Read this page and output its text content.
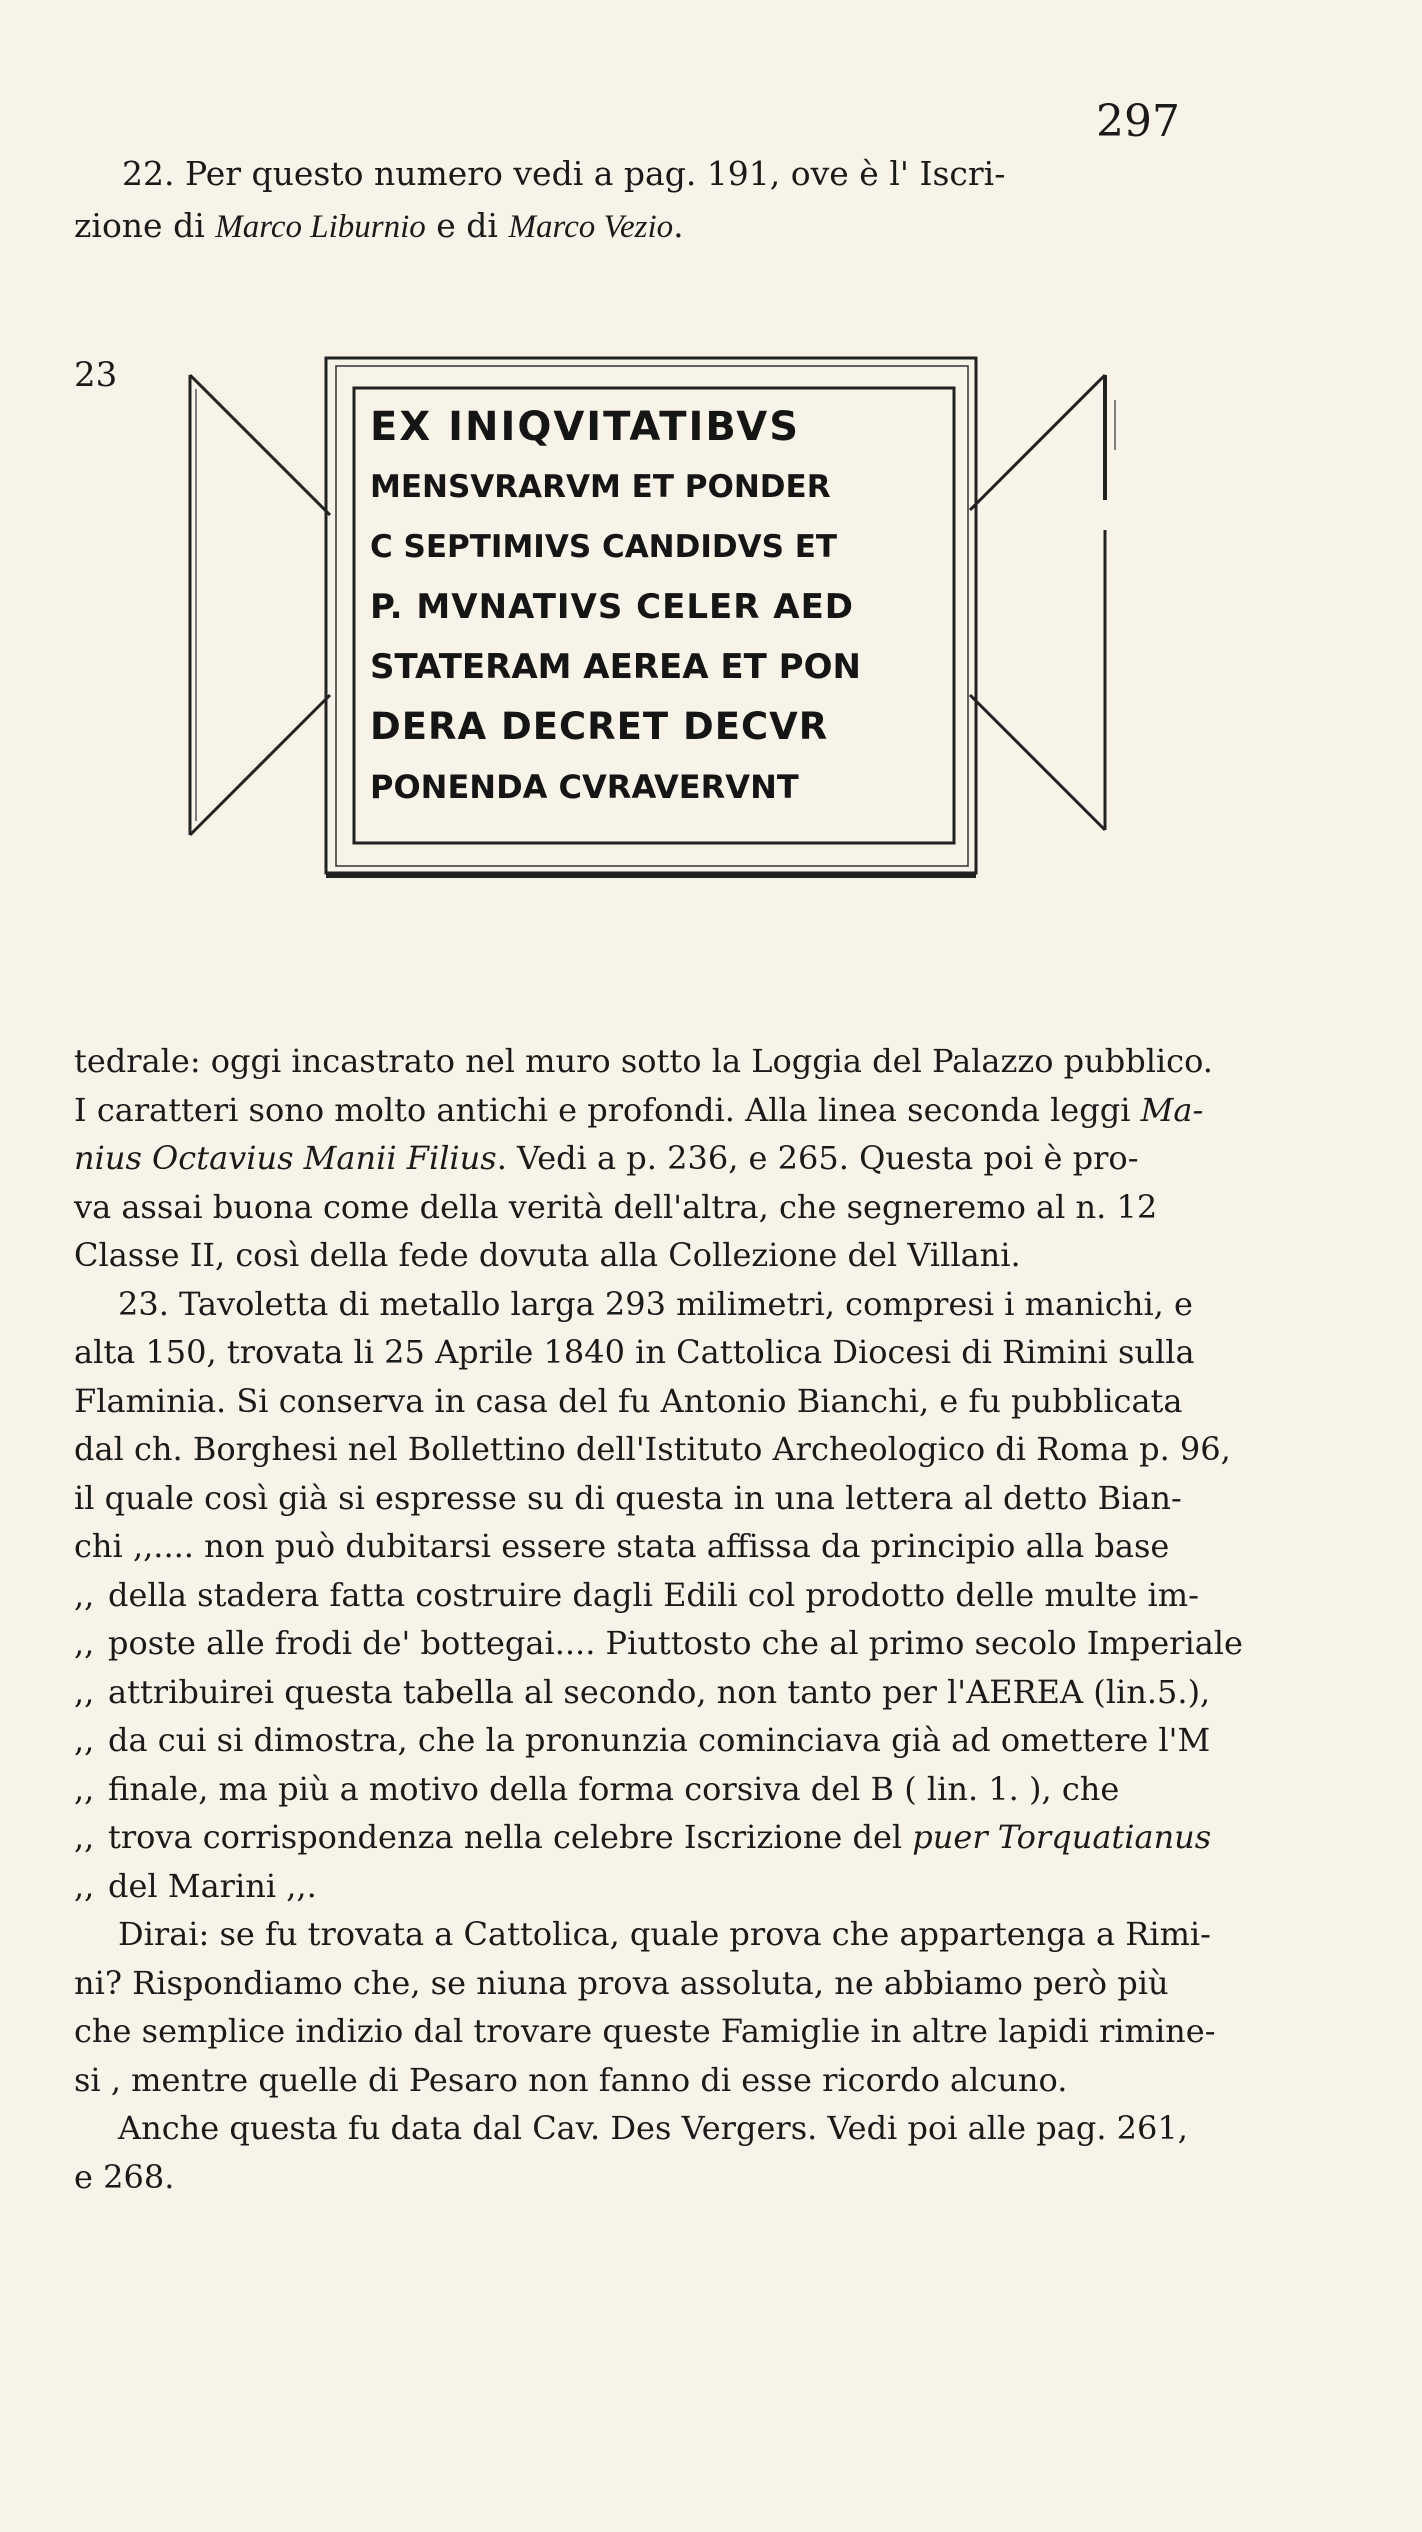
297
22. Per questo numero vedi a pag. 191, ove è l' Iscri-
zione di Marco Liburnio e di Marco Vezio.
23
EX INIQVITATIBVS
MENSVRARVM ET PONDER
C SEPTIMIVS CANDIDVS ET
P. MVNATIVS CELER AED
STATERAM AEREA ET PON
DERA DECRET DECVR
PONENDA CVRAVERVNT
tedrale: oggi incastrato nel muro sotto la Loggia del Palazzo pubblico.
I caratteri sono molto antichi e profondi. Alla linea seconda leggi Ma-
nius Octavius Manii Filius. Vedi a p. 236, e 265. Questa poi è pro-
va assai buona come della verità dell'altra, che segneremo al n. 12
Classe II, così della fede dovuta alla Collezione del Villani.
23. Tavoletta di metallo larga 293 milimetri, compresi i manichi, e
alta 150, trovata li 25 Aprile 1840 in Cattolica Diocesi di Rimini sulla
Flaminia. Si conserva in casa del fu Antonio Bianchi, e fu pubblicata
dal ch. Borghesi nel Bollettino dell'Istituto Archeologico di Roma p. 96,
il quale così già si espresse su di questa in una lettera al detto Bian-
chi ,,.... non può dubitarsi essere stata affissa da principio alla base
,, della stadera fatta costruire dagli Edili col prodotto delle multe im-
,, poste alle frodi de' bottegai.... Piuttosto che al primo secolo Imperiale
,, attribuirei questa tabella al secondo, non tanto per l'AEREA (lin.5.),
,, da cui si dimostra, che la pronunzia cominciava già ad omettere l'M
,, finale, ma più a motivo della forma corsiva del B ( lin. 1. ), che
,, trova corrispondenza nella celebre Iscrizione del puer Torquatianus
,, del Marini ,,.
Dirai: se fu trovata a Cattolica, quale prova che appartenga a Rimi-
ni? Rispondiamo che, se niuna prova assoluta, ne abbiamo però più
che semplice indizio dal trovare queste Famiglie in altre lapidi rimine-
si , mentre quelle di Pesaro non fanno di esse ricordo alcuno.
Anche questa fu data dal Cav. Des Vergers. Vedi poi alle pag. 261,
e 268.
